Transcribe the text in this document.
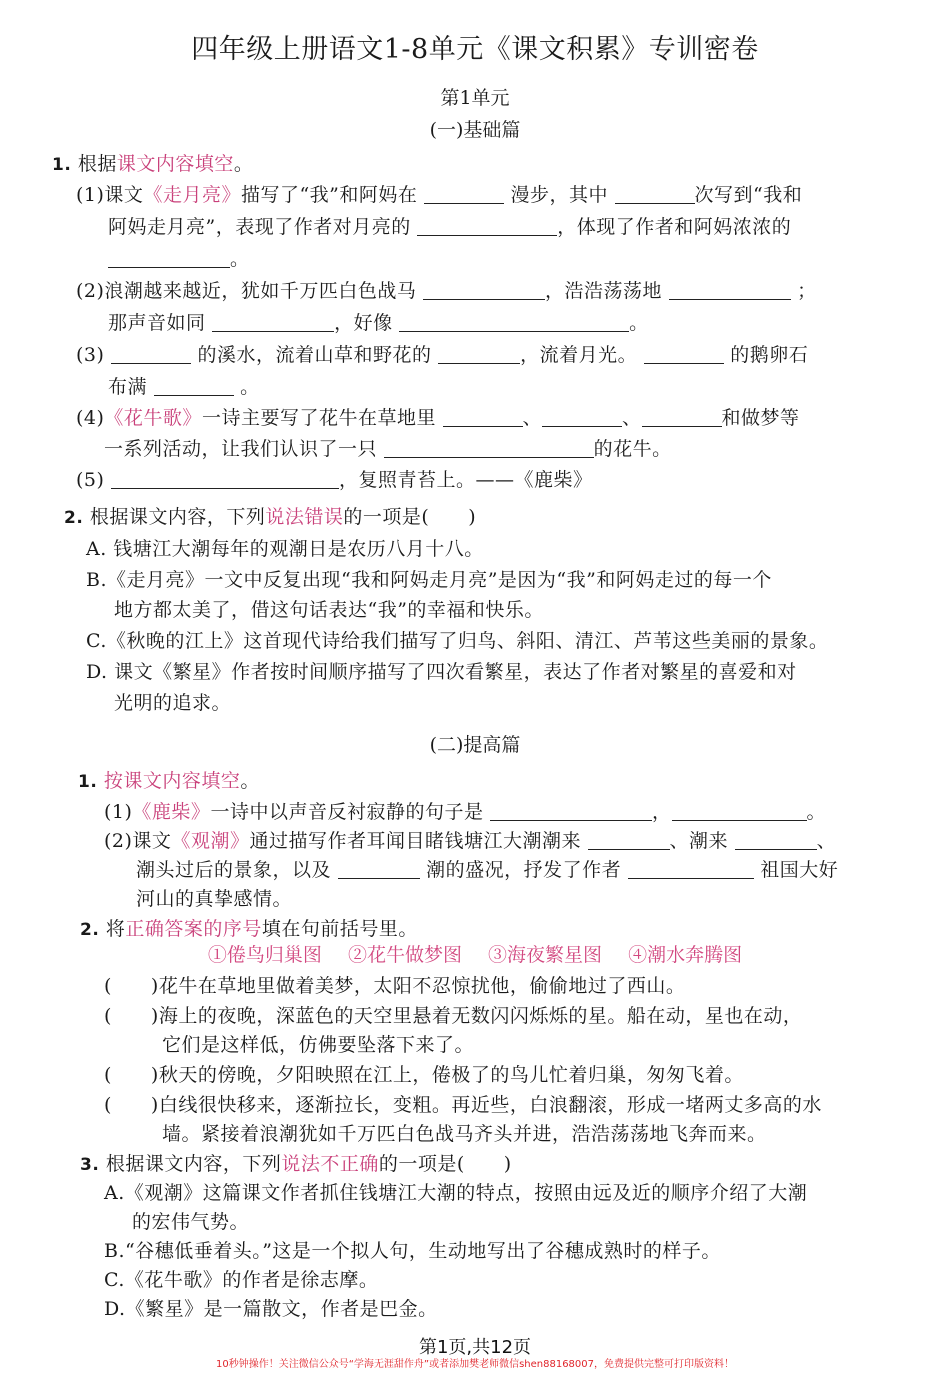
四年级上册语文1-8单元《课文积累》专训密卷
第1单元
(一)基础篇
1. 根据课文内容填空。
(1)课文《走月亮》描写了“我”和阿妈在	漫步，其中	次写到“我和
阿妈走月亮”，表现了作者对月亮的	，体现了作者和阿妈浓浓的
。
(2)浪潮越来越近，犹如千万匹白色战马	，浩浩荡荡地	；
那声音如同	，好像	。
(3)	的溪水，流着山草和野花的	，流着月光。	的鹅卵石
布满	。
(4)《花牛歌》一诗主要写了花牛在草地里	、	、	和做梦等
一系列活动，让我们认识了一只	的花牛。
(5)	，复照青苔上。——《鹿柴》
2. 根据课文内容，下列说法错误的一项是(　　)
A. 钱塘江大潮每年的观潮日是农历八月十八。
B.《走月亮》一文中反复出现“我和阿妈走月亮”是因为“我”和阿妈走过的每一个
地方都太美了，借这句话表达“我”的幸福和快乐。
C.《秋晚的江上》这首现代诗给我们描写了归鸟、斜阳、清江、芦苇这些美丽的景象。
D. 课文《繁星》作者按时间顺序描写了四次看繁星，表达了作者对繁星的喜爱和对
光明的追求。
(二)提高篇
1. 按课文内容填空。
(1)《鹿柴》一诗中以声音反衬寂静的句子是	，	。
(2)课文《观潮》通过描写作者耳闻目睹钱塘江大潮潮来	、潮来	、
潮头过后的景象，以及	潮的盛况，抒发了作者	祖国大好
河山的真挚感情。
2. 将正确答案的序号填在句前括号里。
①倦鸟归巢图 ②花牛做梦图 ③海夜繁星图 ④潮水奔腾图
(　　)花牛在草地里做着美梦，太阳不忍惊扰他，偷偷地过了西山。
(　　)海上的夜晚，深蓝色的天空里悬着无数闪闪烁烁的星。船在动，星也在动，
它们是这样低，仿佛要坠落下来了。
(　　)秋天的傍晚，夕阳映照在江上，倦极了的鸟儿忙着归巢，匆匆飞着。
(　　)白线很快移来，逐渐拉长，变粗。再近些，白浪翻滚，形成一堵两丈多高的水
墙。紧接着浪潮犹如千万匹白色战马齐头并进，浩浩荡荡地飞奔而来。
3. 根据课文内容，下列说法不正确的一项是(　　)
A.《观潮》这篇课文作者抓住钱塘江大潮的特点，按照由远及近的顺序介绍了大潮
的宏伟气势。
B.“谷穗低垂着头。”这是一个拟人句，生动地写出了谷穗成熟时的样子。
C.《花牛歌》的作者是徐志摩。
D.《繁星》是一篇散文，作者是巴金。
第1页,共12页
10秒钟操作！关注微信公众号“学海无涯甜作舟”或者添加樊老师微信shen88168007，免费提供完整可打印版资料！
